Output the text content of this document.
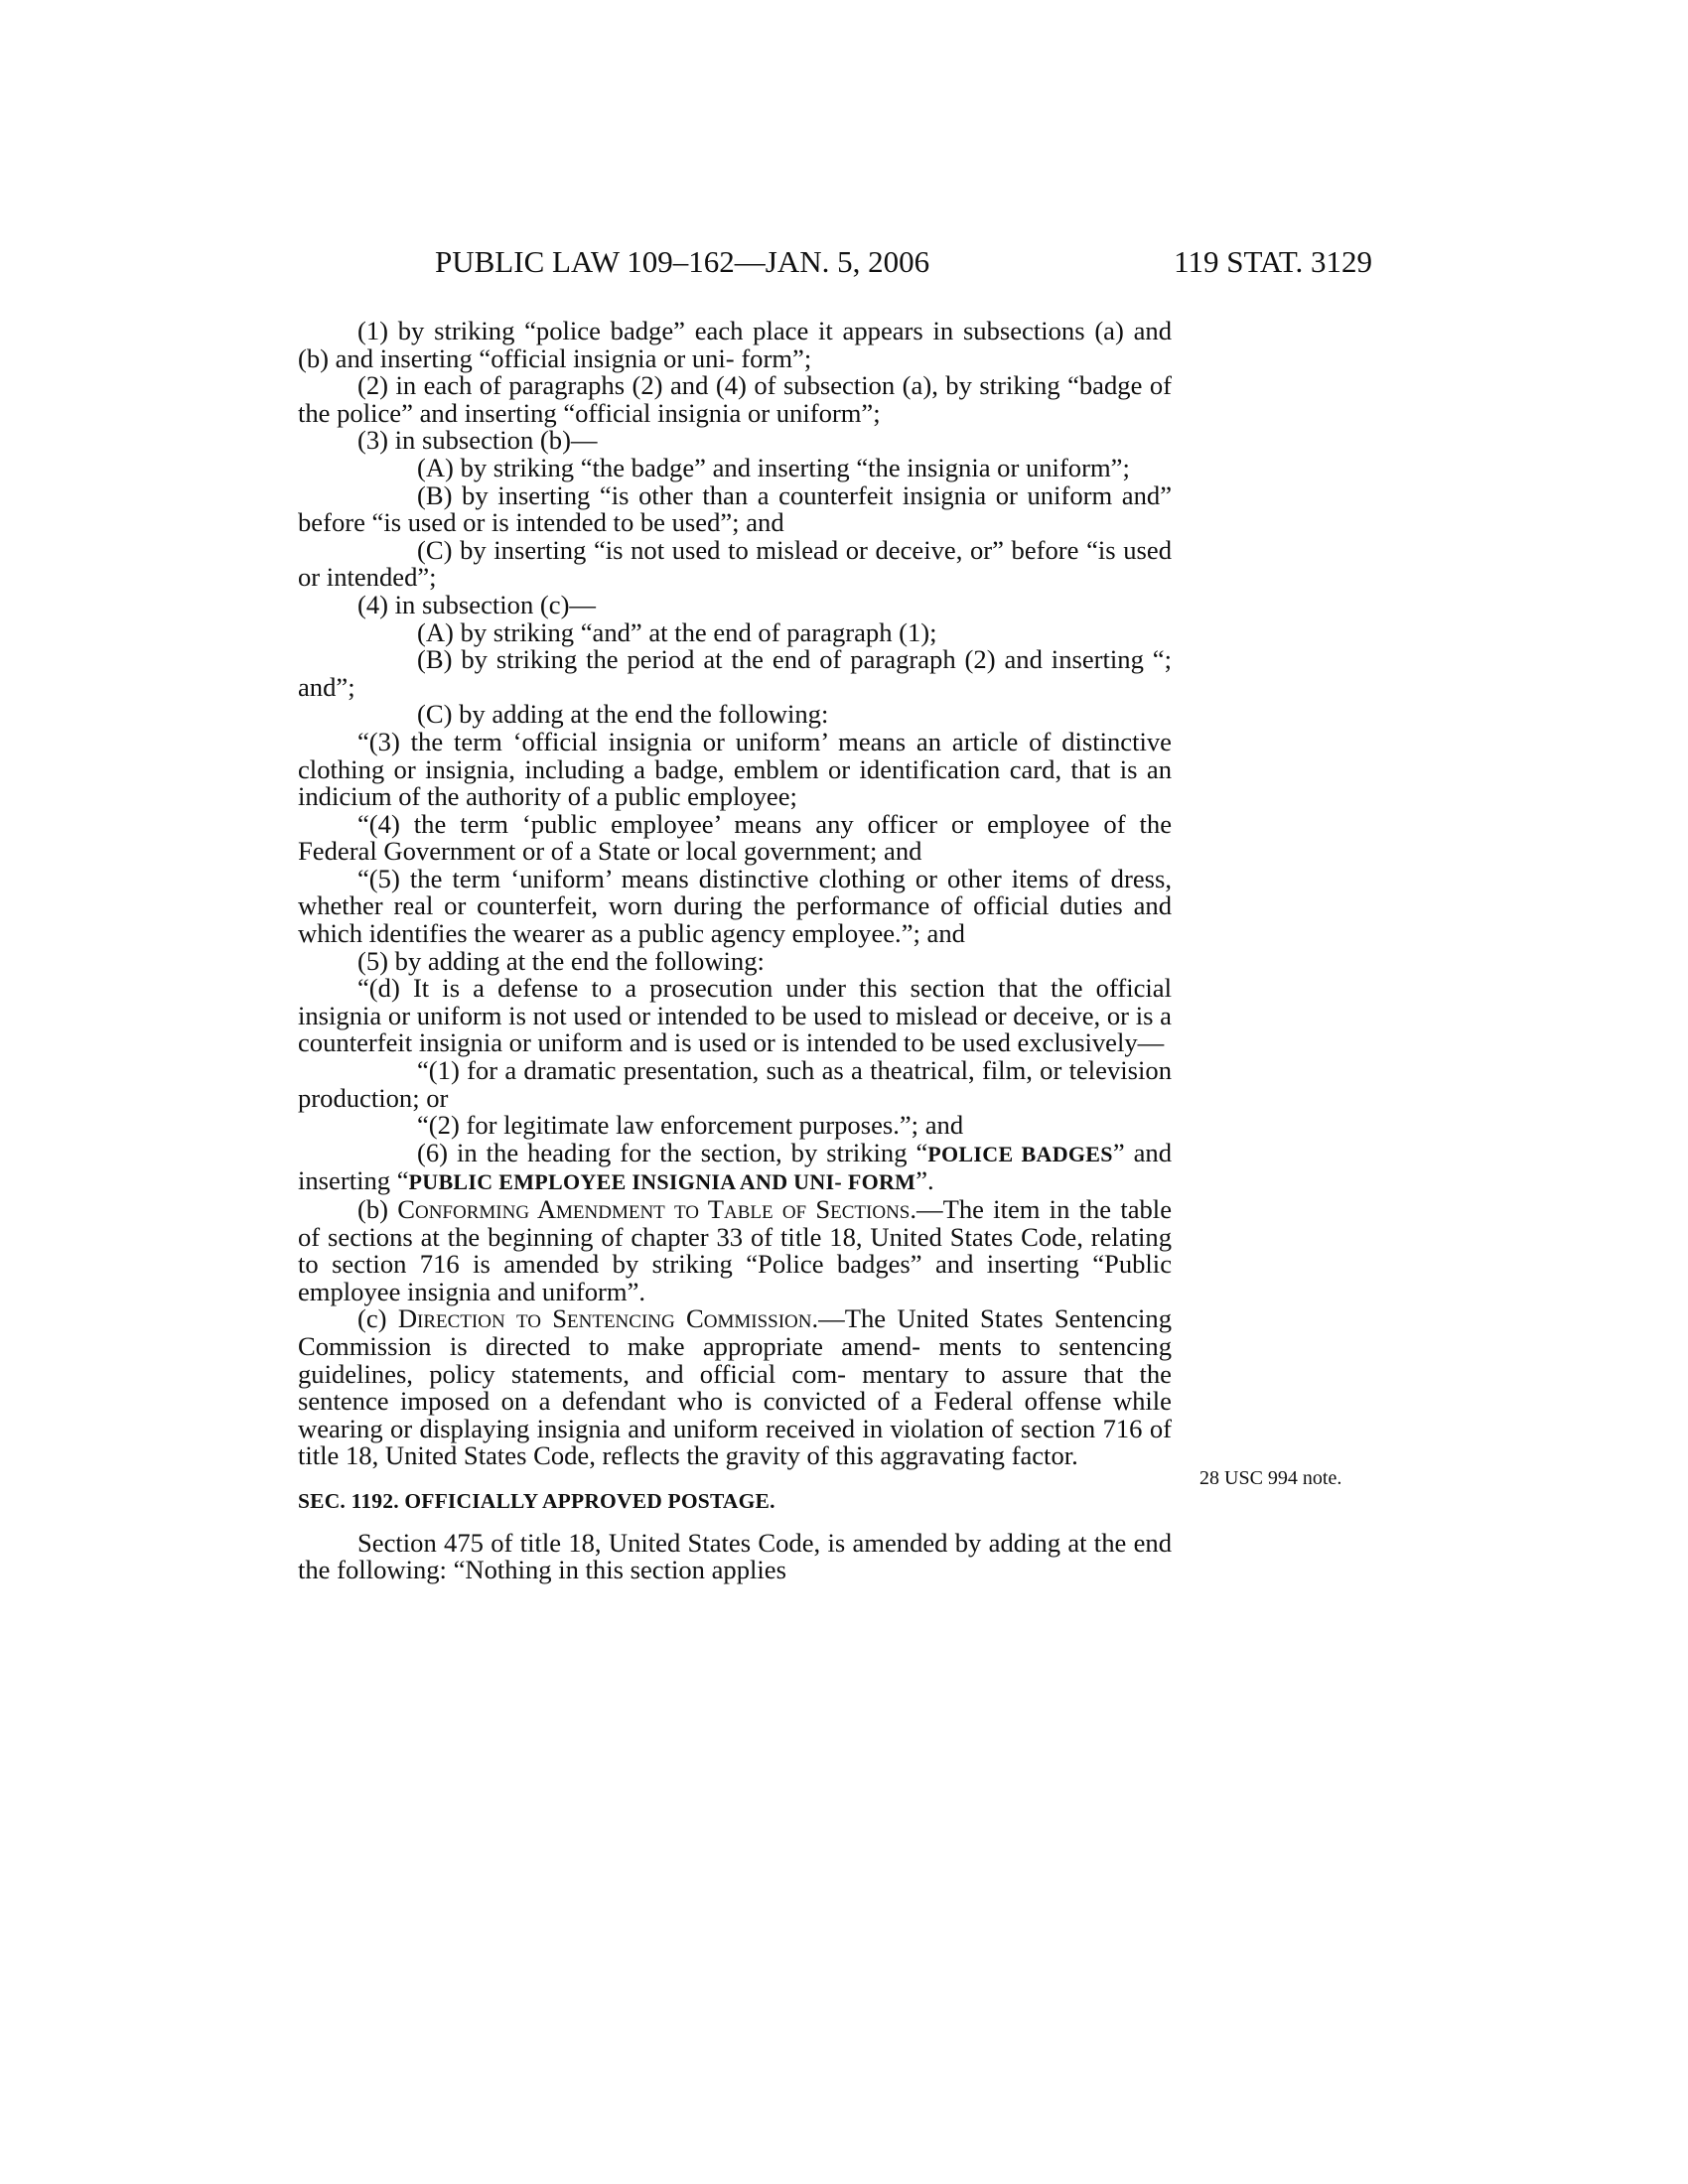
PUBLIC LAW 109–162—JAN. 5, 2006	119 STAT. 3129

(1) by striking “police badge” each place it appears in subsections (a) and (b) and inserting “official insignia or uni- form”;

(2) in each of paragraphs (2) and (4) of subsection (a), by striking “badge of the police” and inserting “official insignia or uniform”;

(3) in subsection (b)—

(A) by striking “the badge” and inserting “the insignia or uniform”;

(B) by inserting “is other than a counterfeit insignia or uniform and” before “is used or is intended to be used”; and

(C) by inserting “is not used to mislead or deceive, or” before “is used or intended”;

(4) in subsection (c)—

(A) by striking “and” at the end of paragraph (1);

(B) by striking the period at the end of paragraph (2) and inserting “; and”;

(C) by adding at the end the following:

“(3) the term ‘official insignia or uniform’ means an article of distinctive clothing or insignia, including a badge, emblem or identification card, that is an indicium of the authority of a public employee;

“(4) the term ‘public employee’ means any officer or employee of the Federal Government or of a State or local government; and

“(5) the term ‘uniform’ means distinctive clothing or other items of dress, whether real or counterfeit, worn during the performance of official duties and which identifies the wearer as a public agency employee.”; and

(5) by adding at the end the following:

“(d) It is a defense to a prosecution under this section that the official insignia or uniform is not used or intended to be used to mislead or deceive, or is a counterfeit insignia or uniform and is used or is intended to be used exclusively—

“(1) for a dramatic presentation, such as a theatrical, film, or television production; or

“(2) for legitimate law enforcement purposes.”; and

(6) in the heading for the section, by striking “POLICE BADGES” and inserting “PUBLIC EMPLOYEE INSIGNIA AND UNI- FORM”.

(b) Conforming Amendment to Table of Sections.—The item in the table of sections at the beginning of chapter 33 of title 18, United States Code, relating to section 716 is amended by striking “Police badges” and inserting “Public employee insignia and uniform”.

(c) Direction to Sentencing Commission.—The United States Sentencing Commission is directed to make appropriate amend- ments to sentencing guidelines, policy statements, and official com- mentary to assure that the sentence imposed on a defendant who is convicted of a Federal offense while wearing or displaying insignia and uniform received in violation of section 716 of title 18, United States Code, reflects the gravity of this aggravating factor.

SEC. 1192. OFFICIALLY APPROVED POSTAGE.

Section 475 of title 18, United States Code, is amended by adding at the end the following: “Nothing in this section applies

28 USC 994 note.
